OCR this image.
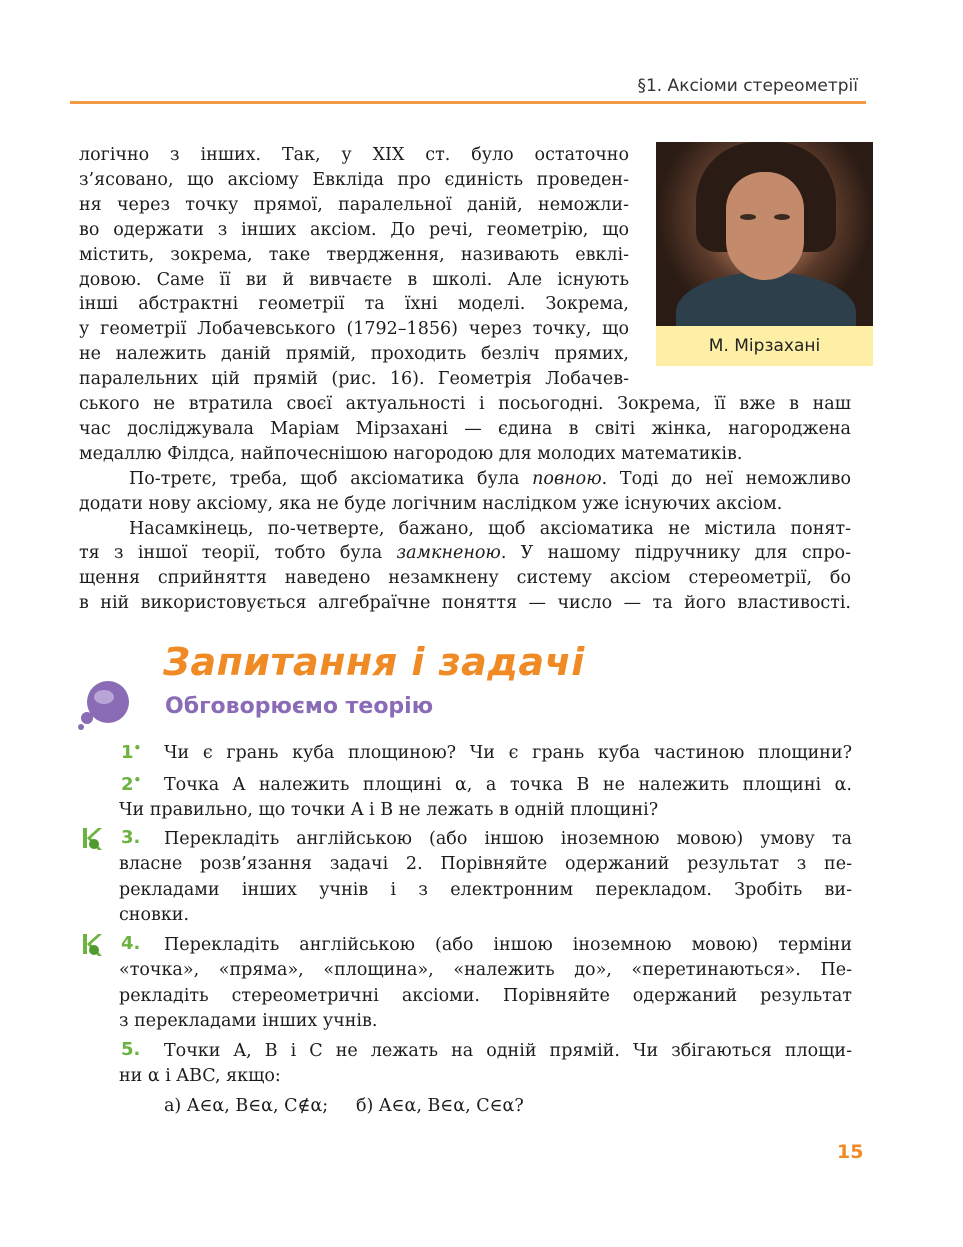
§1. Аксіоми стереометрії
логічно з інших. Так, у ХІХ ст. було остаточно
з’ясовано, що аксіому Евкліда про єдиність проведен-
ня через точку прямої, паралельної даній, неможли-
во одержати з інших аксіом. До речі, геометрію, що
містить, зокрема, таке твердження, називають евклі-
довою. Саме її ви й вивчаєте в школі. Але існують
інші абстрактні геометрії та їхні моделі. Зокрема,
у геометрії Лобачевського (1792–1856) через точку, що
не належить даній прямій, проходить безліч прямих,
паралельних цій прямій (рис. 16). Геометрія Лобачев-
М. Мірзахані
ського не втратила своєї актуальності і посьогодні. Зокрема, її вже в наш
час досліджувала Маріам Мірзахані — єдина в світі жінка, нагороджена
медаллю Філдса, найпочеснішою нагородою для молодих математиків.
По-третє, треба, щоб аксіоматика була повною. Тоді до неї неможливо
додати нову аксіому, яка не буде логічним наслідком уже існуючих аксіом.
Насамкінець, по-четверте, бажано, щоб аксіоматика не містила понят-
тя з іншої теорії, тобто була замкненою. У нашому підручнику для спро-
щення сприйняття наведено незамкнену систему аксіом стереометрії, бо
в ній використовується алгебраїчне поняття — число — та його властивості.
Запитання і задачі
Обговорюємо теорію
1• Чи є грань куба площиною? Чи є грань куба частиною площини?
2•	Точка A належить площині α, а точка B не належить площині α.
Чи правильно, що точки A і B не лежать в одній площині?
3.	Перекладіть англійською (або іншою іноземною мовою) умову та
власне розв’язання задачі 2. Порівняйте одержаний результат з пе-
рекладами інших учнів і з електронним перекладом. Зробіть ви-
сновки.
4.	Перекладіть англійською (або іншою іноземною мовою) терміни
«точка», «пряма», «площина», «належить до», «перетинаються». Пе-
рекладіть стереометричні аксіоми. Порівняйте одержаний результат
з перекладами інших учнів.
5.	Точки A, B і C не лежать на одній прямій. Чи збігаються площи-
ни α і ABC, якщо:
а) A∈α, B∈α, C∉α;     б) A∈α, B∈α, C∈α?
15
